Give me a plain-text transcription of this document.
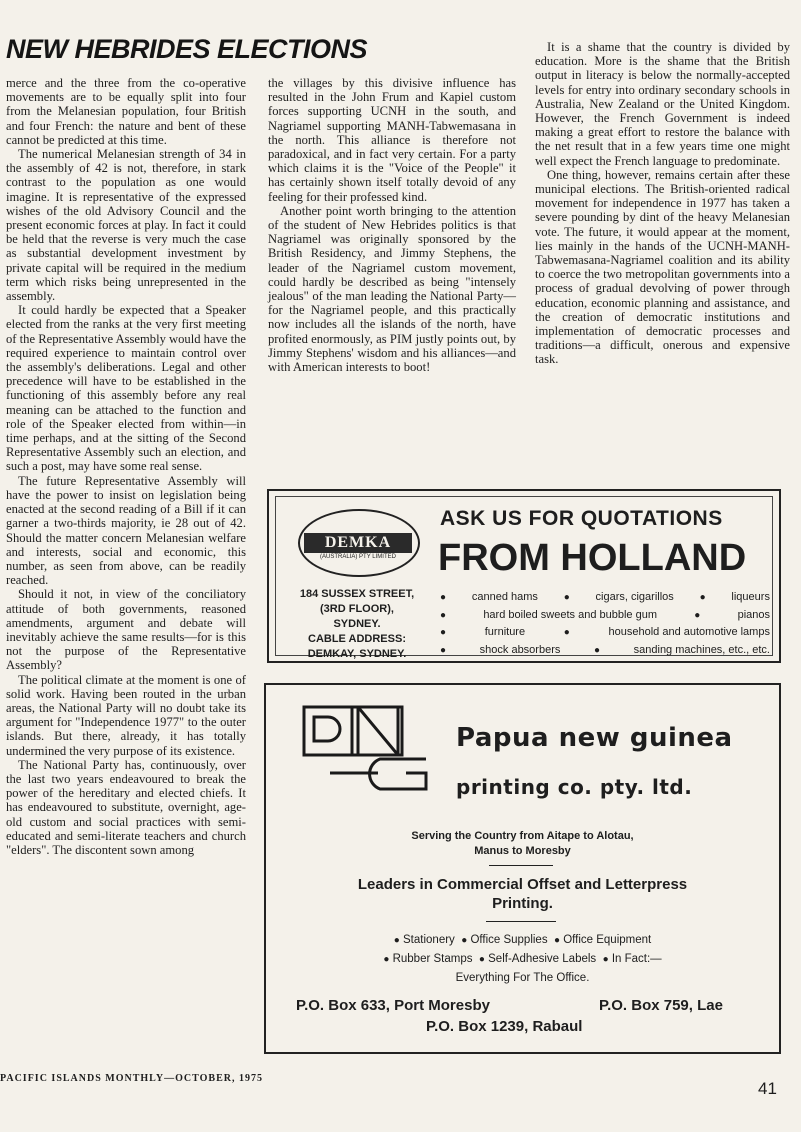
NEW HEBRIDES ELECTIONS

merce and the three from the co-operative movements are to be equally split into four from the Melanesian population, four British and four French: the nature and bent of these cannot be predicted at this time.

The numerical Melanesian strength of 34 in the assembly of 42 is not, therefore, in stark contrast to the population as one would imagine. It is representative of the expressed wishes of the old Advisory Council and the present economic forces at play. In fact it could be held that the reverse is very much the case as substantial development investment by private capital will be required in the medium term which risks being unrepresented in the assembly.

It could hardly be expected that a Speaker elected from the ranks at the very first meeting of the Representative Assembly would have the required experience to maintain control over the assembly's deliberations. Legal and other precedence will have to be established in the functioning of this assembly before any real meaning can be attached to the function and role of the Speaker elected from within—in time perhaps, and at the sitting of the Second Representative Assembly such an election, and such a post, may have some real sense.

The future Representative Assembly will have the power to insist on legislation being enacted at the second reading of a Bill if it can garner a two-thirds majority, ie 28 out of 42. Should the matter concern Melanesian welfare and interests, social and economic, this number, as seen from above, can be readily reached.

Should it not, in view of the conciliatory attitude of both governments, reasoned amendments, argument and debate will inevitably achieve the same results—for is this not the purpose of the Representative Assembly?

The political climate at the moment is one of solid work. Having been routed in the urban areas, the National Party will no doubt take its argument for "Independence 1977" to the outer islands. But there, already, it has totally undermined the very purpose of its existence.

The National Party has, continuously, over the last two years endeavoured to break the power of the hereditary and elected chiefs. It has endeavoured to substitute, overnight, age-old custom and social practices with semi-educated and semi-literate teachers and church "elders". The discontent sown among

the villages by this divisive influence has resulted in the John Frum and Kapiel custom forces supporting UCNH in the south, and Nagriamel supporting MANH-Tabwemasana in the north. This alliance is therefore not paradoxical, and in fact very certain. For a party which claims it is the "Voice of the People" it has certainly shown itself totally devoid of any feeling for their professed kind.

Another point worth bringing to the attention of the student of New Hebrides politics is that Nagriamel was originally sponsored by the British Residency, and Jimmy Stephens, the leader of the Nagriamel custom movement, could hardly be described as being "intensely jealous" of the man leading the National Party—for the Nagriamel people, and this practically now includes all the islands of the north, have profited enormously, as PIM justly points out, by Jimmy Stephens' wisdom and his alliances—and with American interests to boot!

It is a shame that the country is divided by education. More is the shame that the British output in literacy is below the normally-accepted levels for entry into ordinary secondary schools in Australia, New Zealand or the United Kingdom. However, the French Government is indeed making a great effort to restore the balance with the net result that in a few years time one might well expect the French language to predominate.

One thing, however, remains certain after these municipal elections. The British-oriented radical movement for independence in 1977 has taken a severe pounding by dint of the heavy Melanesian vote. The future, it would appear at the moment, lies mainly in the hands of the UCNH-MANH-Tabwemasana-Nagriamel coalition and its ability to coerce the two metropolitan governments into a process of gradual devolving of power through education, economic planning and assistance, and the creation of democratic institutions and implementation of democratic processes and traditions—a difficult, onerous and expensive task.

DEMKA
(AUSTRALIA) PTY LIMITED
184 SUSSEX STREET,
(3RD FLOOR),
SYDNEY.
CABLE ADDRESS:
DEMKAY, SYDNEY.
ASK US FOR QUOTATIONS
FROM HOLLAND
● canned hams	● cigars, cigarillos	● liqueurs
●	hard boiled sweets and bubble gum	●	pianos
●	furniture	●	household and automotive lamps
●	shock absorbers	●	sanding machines, etc., etc.
Papua new guinea
printing co. pty. ltd.
Serving the Country from Aitape to Alotau,
Manus to Moresby
Leaders in Commercial Offset and Letterpress
Printing.
● Stationery ● Office Supplies ● Office Equipment
● Rubber Stamps ● Self-Adhesive Labels ● In Fact:—
Everything For The Office.
P.O. Box 633, Port Moresby	P.O. Box 759, Lae
P.O. Box 1239, Rabaul
PACIFIC ISLANDS MONTHLY—OCTOBER, 1975
41
